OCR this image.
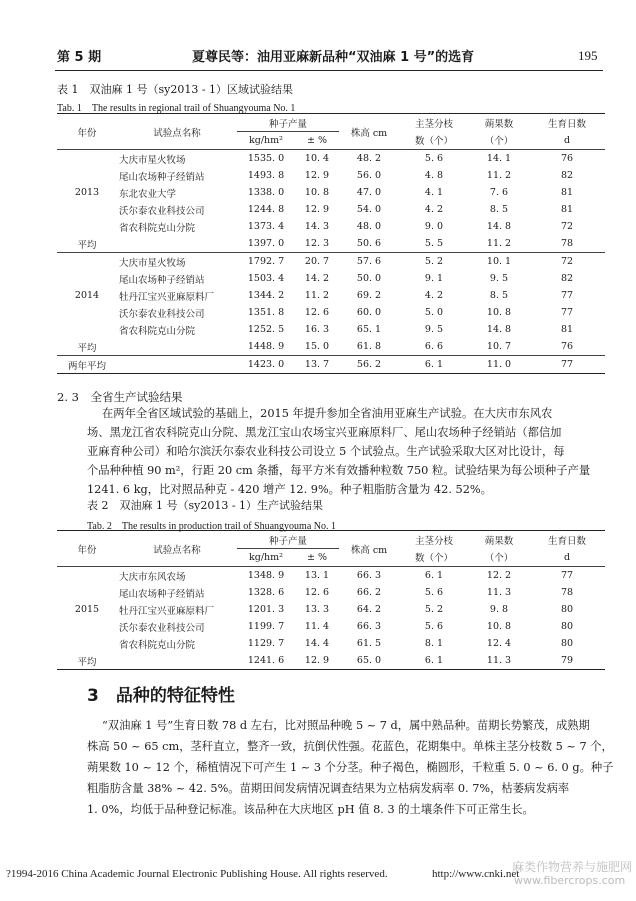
第 5 期	夏尊民等：油用亚麻新品种“双油麻 1 号”的选育	195
表 1　双油麻 1 号（sy2013 - 1）区域试验结果
Tab. 1　The results in regional trail of Shuangyouma No. 1
年份	试验点名称	种子产量		株高 cm	主茎分枝	蒴果数	生育日数
		kg/hm²	± %		数（个）	（个）	d
	大庆市星火牧场	1535. 0	10. 4	48. 2	5. 6	14. 1	76
	尾山农场种子经销站	1493. 8	12. 9	56. 0	4. 8	11. 2	82
2013	东北农业大学	1338. 0	10. 8	47. 0	4. 1	7. 6	81
	沃尔泰农业科技公司	1244. 8	12. 9	54. 0	4. 2	8. 5	81
	省农科院克山分院	1373. 4	14. 3	48. 0	9. 0	14. 8	72
平均		1397. 0	12. 3	50. 6	5. 5	11. 2	78
	大庆市星火牧场	1792. 7	20. 7	57. 6	5. 2	10. 1	72
	尾山农场种子经销站	1503. 4	14. 2	50. 0	9. 1	9. 5	82
2014	牡丹江宝兴亚麻原料厂	1344. 2	11. 2	69. 2	4. 2	8. 5	77
	沃尔泰农业科技公司	1351. 8	12. 6	60. 0	5. 0	10. 8	77
	省农科院克山分院	1252. 5	16. 3	65. 1	9. 5	14. 8	81
平均		1448. 9	15. 0	61. 8	6. 6	10. 7	76
两年平均		1423. 0	13. 7	56. 2	6. 1	11. 0	77
2. 3　全省生产试验结果
在两年全省区域试验的基础上，2015 年提升参加全省油用亚麻生产试验。在大庆市东风农
场、黑龙江省农科院克山分院、黑龙江宝山农场宝兴亚麻原料厂、尾山农场种子经销站（都信加
亚麻育种公司）和哈尔滨沃尔泰农业科技公司设立 5 个试验点。生产试验采取大区对比设计，每
个品种种植 90 m²，行距 20 cm 条播，每平方米有效播种粒数 750 粒。试验结果为每公顷种子产量
1241. 6 kg，比对照品种克 - 420 增产 12. 9%。种子粗脂肪含量为 42. 52%。
表 2　双油麻 1 号（sy2013 - 1）生产试验结果
Tab. 2　The results in production trail of Shuangyouma No. 1
年份	试验点名称	种子产量		株高 cm	主茎分枝	蒴果数	生育日数
		kg/hm²	± %		数（个）	（个）	d
	大庆市东风农场	1348. 9	13. 1	66. 3	6. 1	12. 2	77
	尾山农场种子经销站	1328. 6	12. 6	66. 2	5. 6	11. 3	78
2015	牡丹江宝兴亚麻原料厂	1201. 3	13. 3	64. 2	5. 2	9. 8	80
	沃尔泰农业科技公司	1199. 7	11. 4	66. 3	5. 6	10. 8	80
	省农科院克山分院	1129. 7	14. 4	61. 5	8. 1	12. 4	80
平均		1241. 6	12. 9	65. 0	6. 1	11. 3	79
3　品种的特征特性
“双油麻 1 号”生育日数 78 d 左右，比对照品种晚 5 ~ 7 d，属中熟品种。苗期长势繁茂，成熟期
株高 50 ~ 65 cm，茎秆直立，整齐一致，抗倒伏性强。花蓝色，花期集中。单株主茎分枝数 5 ~ 7 个，
蒴果数 10 ~ 12 个，稀植情况下可产生 1 ~ 3 个分茎。种子褐色，椭圆形，千粒重 5. 0 ~ 6. 0 g。种子
粗脂肪含量 38% ~ 42. 5%。苗期田间发病情况调查结果为立枯病发病率 0. 7%，枯萎病发病率
1. 0%，均低于品种登记标准。该品种在大庆地区 pH 值 8. 3 的土壤条件下可正常生长。
?1994-2016 China Academic Journal Electronic Publishing House. All rights reserved.	http://www.cnki.net
麻类作物营养与施肥网
www.fibercrops.com
